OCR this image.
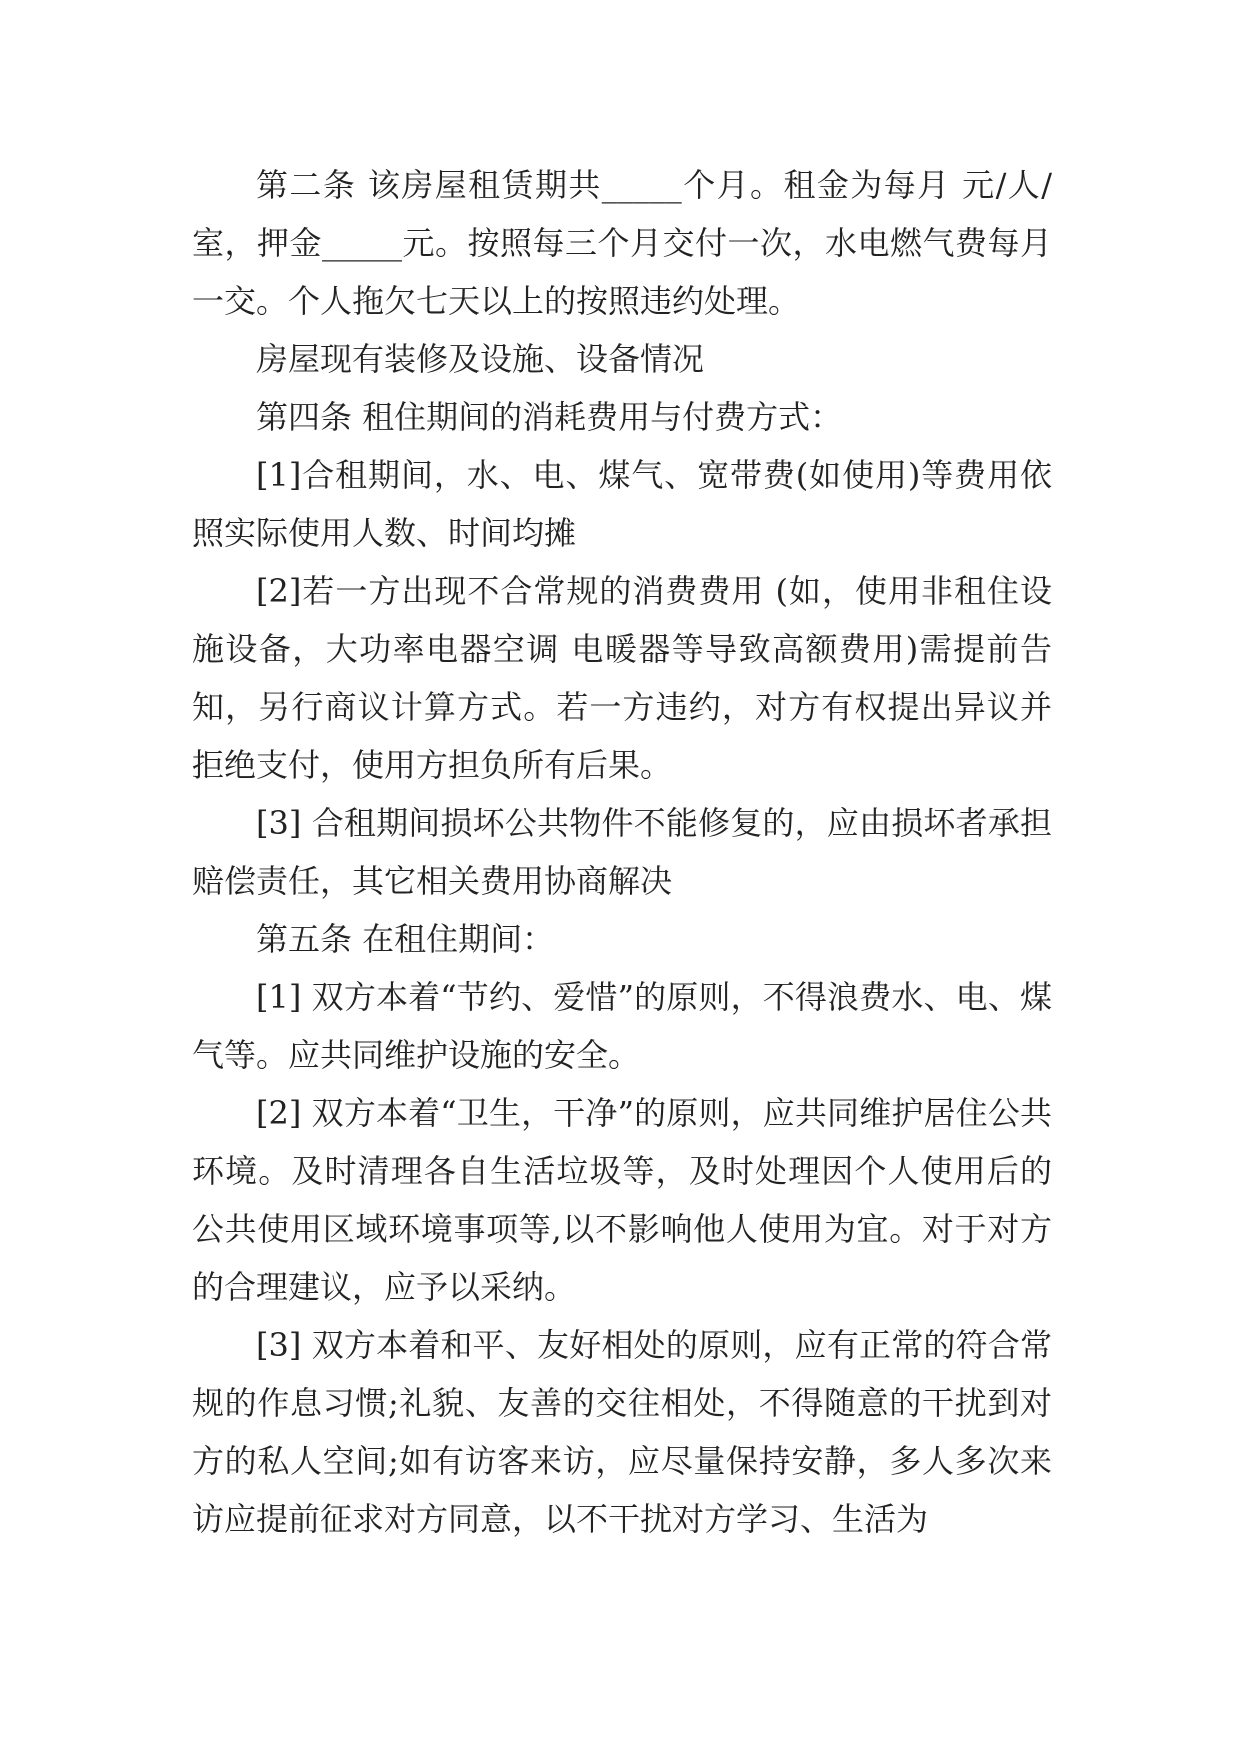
第二条 该房屋租赁期共_____个月。租金为每月 元/人/室，押金_____元。按照每三个月交付一次，水电燃气费每月一交。个人拖欠七天以上的按照违约处理。

房屋现有装修及设施、设备情况

第四条 租住期间的消耗费用与付费方式：

[1]合租期间，水、电、煤气、宽带费(如使用)等费用依照实际使用人数、时间均摊

[2]若一方出现不合常规的消费费用 (如，使用非租住设施设备，大功率电器空调 电暖器等导致高额费用)需提前告知，另行商议计算方式。若一方违约，对方有权提出异议并拒绝支付，使用方担负所有后果。

[3] 合租期间损坏公共物件不能修复的，应由损坏者承担赔偿责任，其它相关费用协商解决

第五条 在租住期间：

[1] 双方本着“节约、爱惜”的原则，不得浪费水、电、煤气等。应共同维护设施的安全。

[2] 双方本着“卫生，干净”的原则，应共同维护居住公共环境。及时清理各自生活垃圾等，及时处理因个人使用后的公共使用区域环境事项等,以不影响他人使用为宜。对于对方的合理建议，应予以采纳。

[3] 双方本着和平、友好相处的原则，应有正常的符合常规的作息习惯;礼貌、友善的交往相处，不得随意的干扰到对方的私人空间;如有访客来访，应尽量保持安静，多人多次来访应提前征求对方同意，以不干扰对方学习、生活为
